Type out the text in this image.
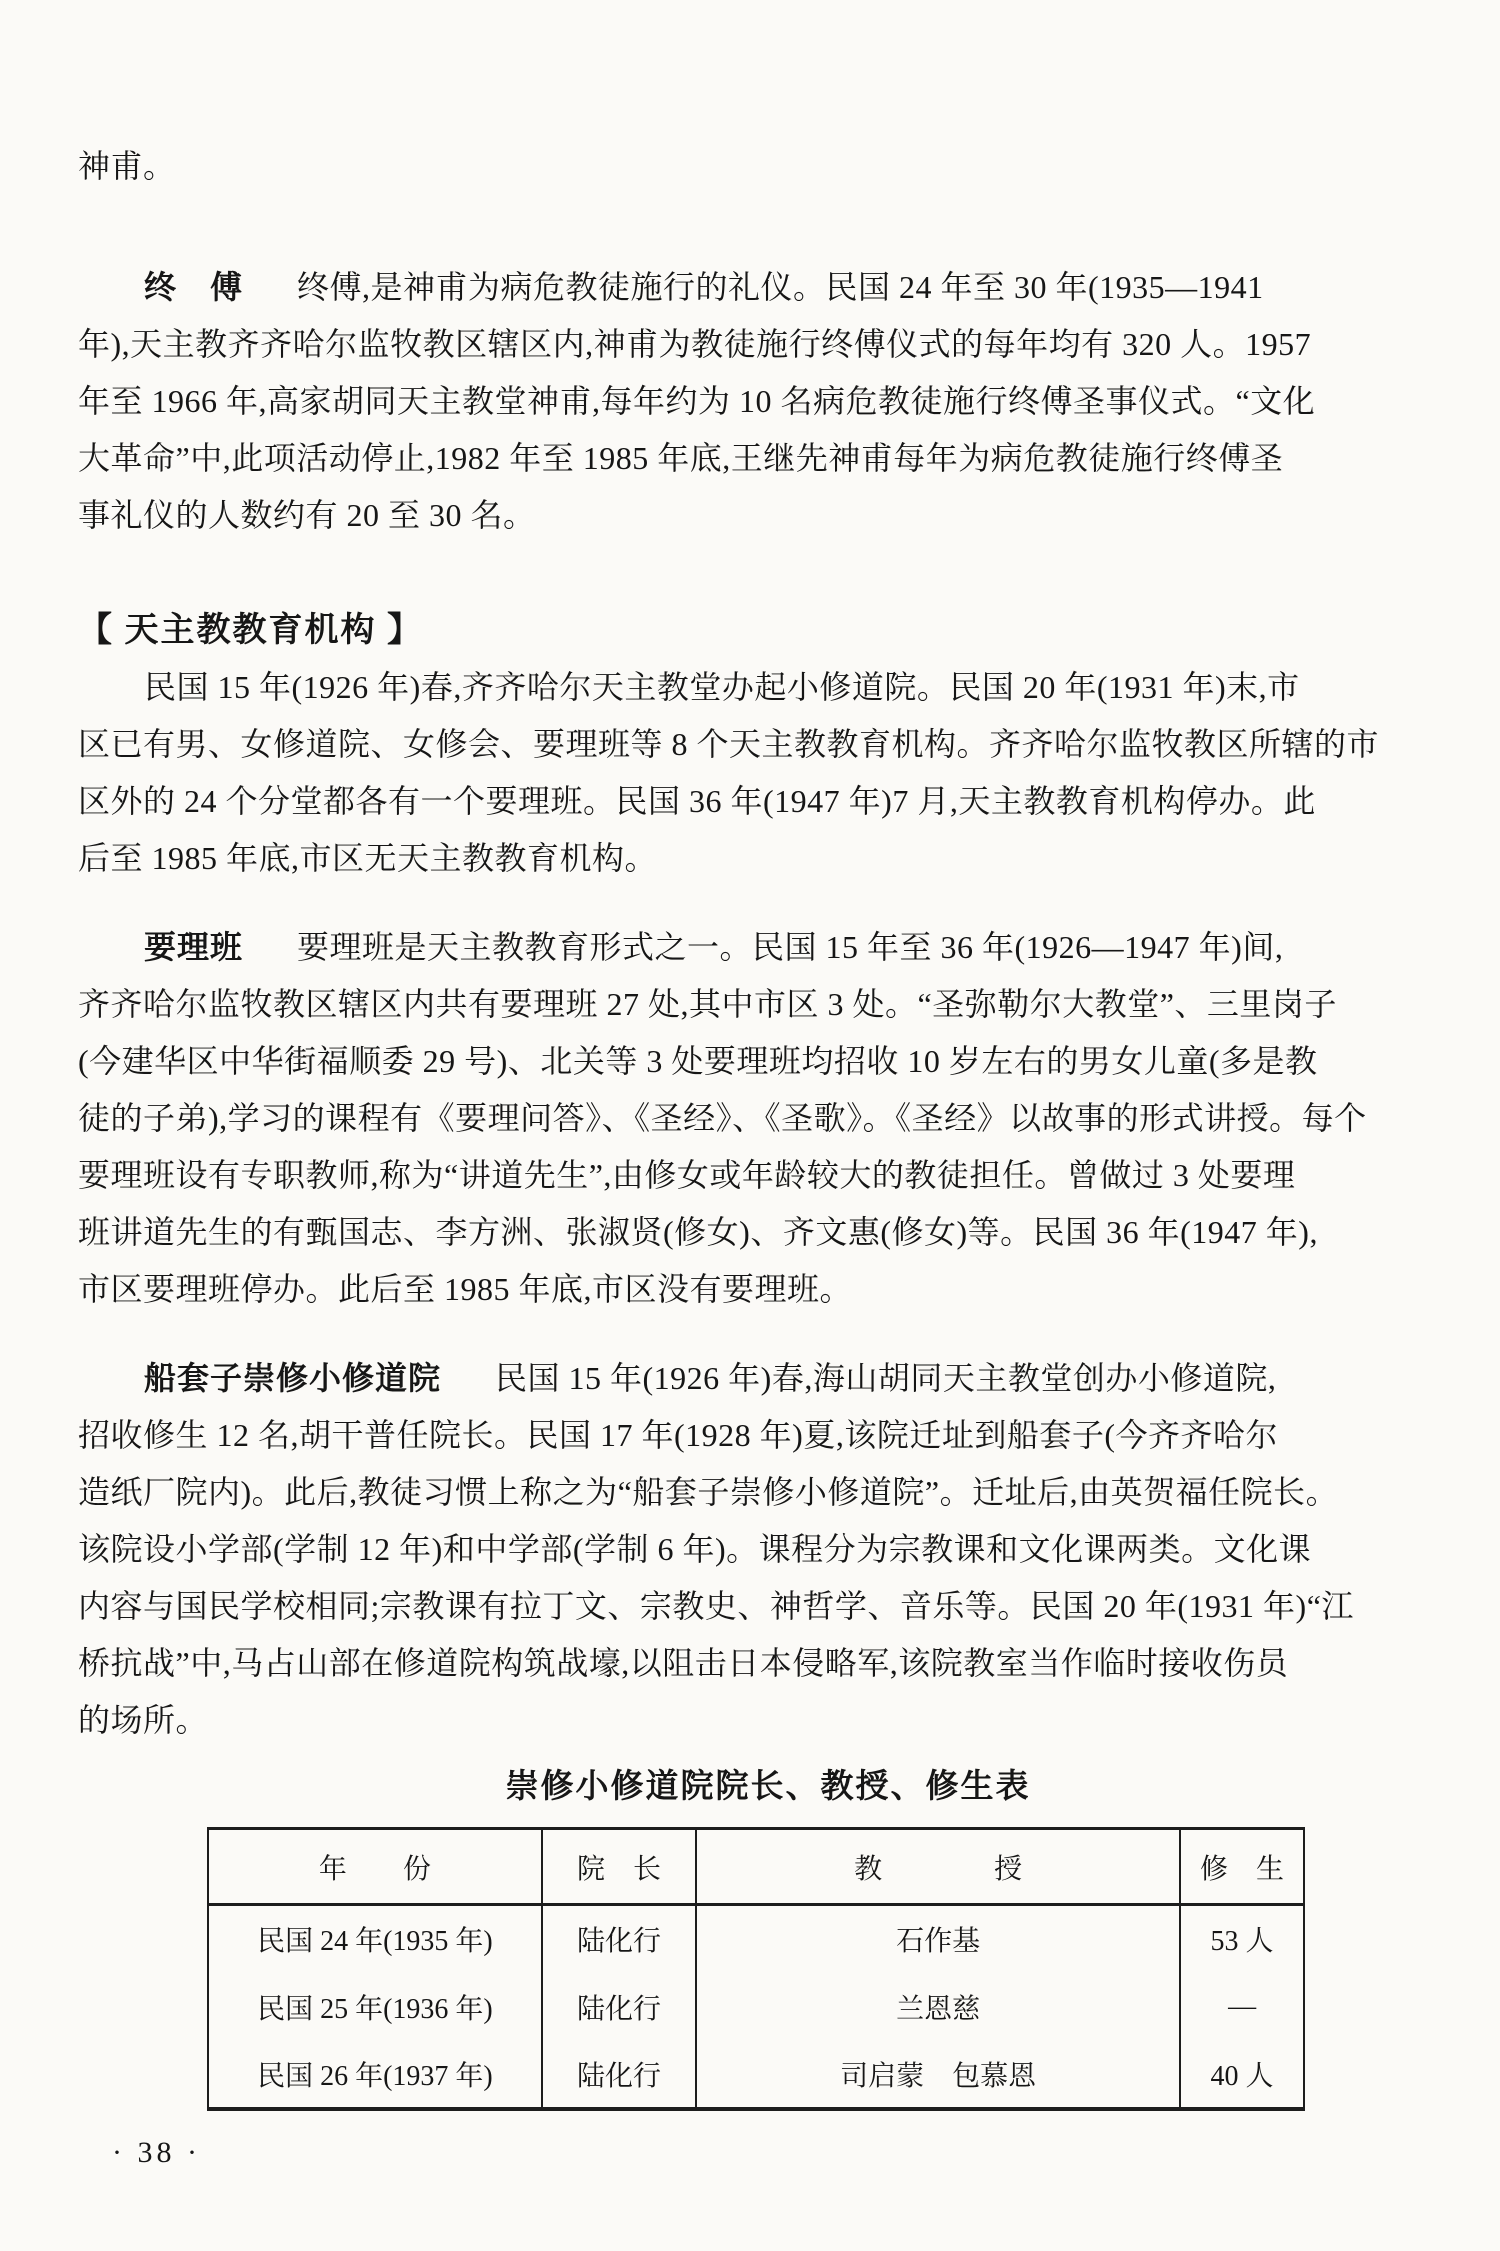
神甫。
终　傅 终傅,是神甫为病危教徒施行的礼仪。民国 24 年至 30 年(1935—1941
年),天主教齐齐哈尔监牧教区辖区内,神甫为教徒施行终傅仪式的每年均有 320 人。1957
年至 1966 年,高家胡同天主教堂神甫,每年约为 10 名病危教徒施行终傅圣事仪式。“文化
大革命”中,此项活动停止,1982 年至 1985 年底,王继先神甫每年为病危教徒施行终傅圣
事礼仪的人数约有 20 至 30 名。
【 天主教教育机构 】
民国 15 年(1926 年)春,齐齐哈尔天主教堂办起小修道院。民国 20 年(1931 年)末,市
区已有男、女修道院、女修会、要理班等 8 个天主教教育机构。齐齐哈尔监牧教区所辖的市
区外的 24 个分堂都各有一个要理班。民国 36 年(1947 年)7 月,天主教教育机构停办。此
后至 1985 年底,市区无天主教教育机构。
要理班 要理班是天主教教育形式之一。民国 15 年至 36 年(1926—1947 年)间,
齐齐哈尔监牧教区辖区内共有要理班 27 处,其中市区 3 处。“圣弥勒尔大教堂”、三里岗子
(今建华区中华街福顺委 29 号)、北关等 3 处要理班均招收 10 岁左右的男女儿童(多是教
徒的子弟),学习的课程有《要理问答》、《圣经》、《圣歌》。《圣经》以故事的形式讲授。每个
要理班设有专职教师,称为“讲道先生”,由修女或年龄较大的教徒担任。曾做过 3 处要理
班讲道先生的有甄国志、李方洲、张淑贤(修女)、齐文惠(修女)等。民国 36 年(1947 年),
市区要理班停办。此后至 1985 年底,市区没有要理班。
船套子崇修小修道院 民国 15 年(1926 年)春,海山胡同天主教堂创办小修道院,
招收修生 12 名,胡干普任院长。民国 17 年(1928 年)夏,该院迁址到船套子(今齐齐哈尔
造纸厂院内)。此后,教徒习惯上称之为“船套子崇修小修道院”。迁址后,由英贺福任院长。
该院设小学部(学制 12 年)和中学部(学制 6 年)。课程分为宗教课和文化课两类。文化课
内容与国民学校相同;宗教课有拉丁文、宗教史、神哲学、音乐等。民国 20 年(1931 年)“江
桥抗战”中,马占山部在修道院构筑战壕,以阻击日本侵略军,该院教室当作临时接收伤员
的场所。
崇修小修道院院长、教授、修生表
年　　份	院　长	教　　　　授	修　生
民国 24 年(1935 年)	陆化行	石作基	53 人
民国 25 年(1936 年)	陆化行	兰恩慈	—
民国 26 年(1937 年)	陆化行	司启蒙　包慕恩	40 人
· 38 ·
